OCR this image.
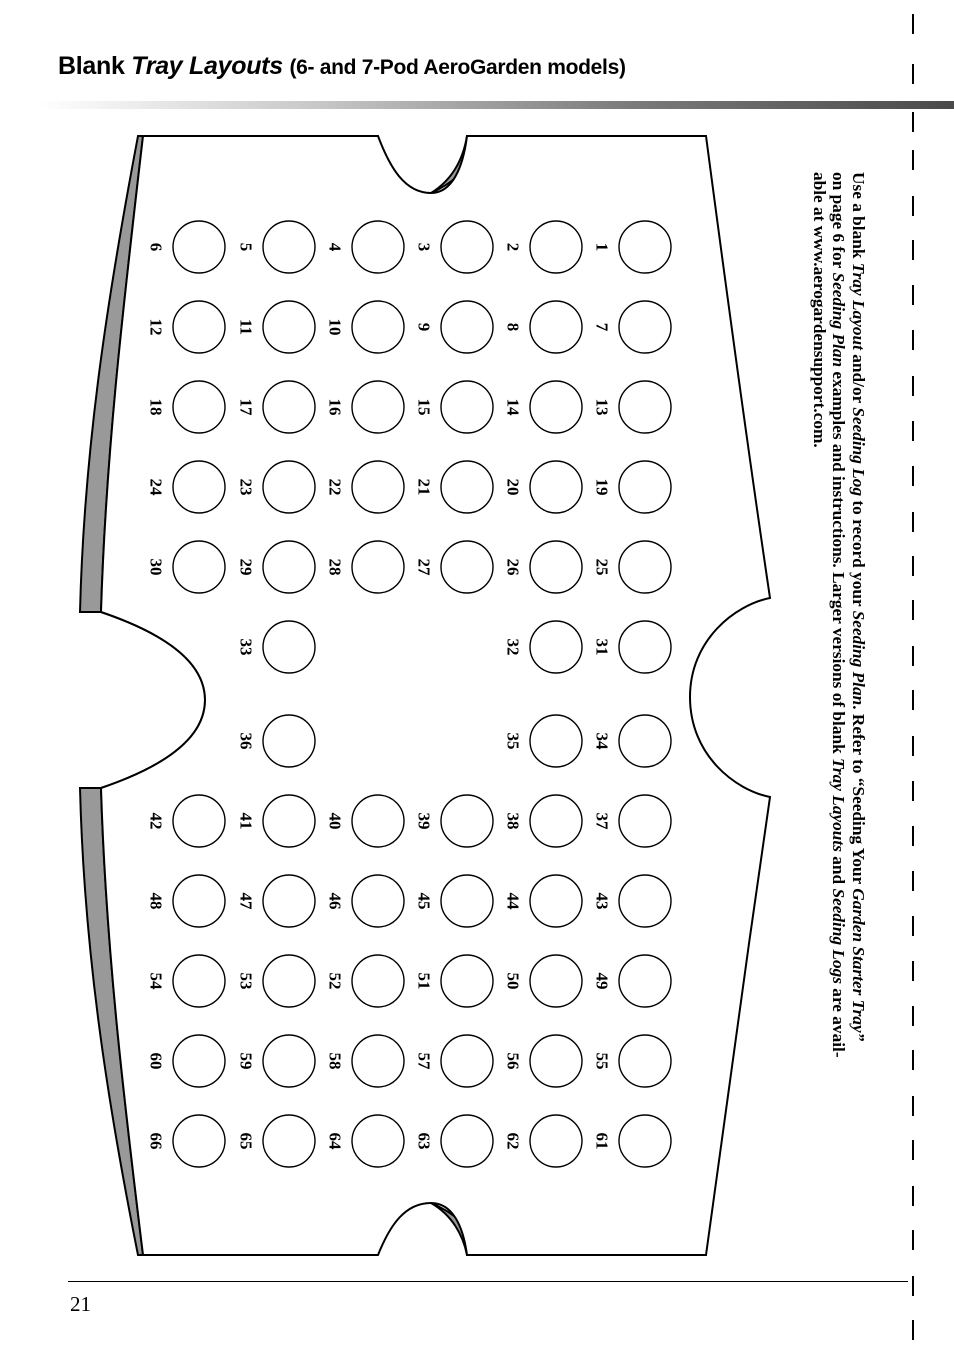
Blank Tray Layouts (6- and 7-Pod AeroGarden models)
1
7
13
19
25
31
34
37
43
49
55
61
2
8
14
20
26
32
35
38
44
50
56
62
3
9
15
21
27
39
45
51
57
63
4
10
16
22
28
40
46
52
58
64
5
11
17
23
29
33
36
41
47
53
59
65
6
12
18
24
30
42
48
54
60
66

Use a blank Tray Layout and/or Seeding Log to record your Seeding Plan. Refer to “Seeding Your Garden Starter Tray”
on page 6 for Seeding Plan examples and instructions. Larger versions of blank Tray Layouts and Seeding Logs are avail-
able at www.aerogardensupport.com.

21
